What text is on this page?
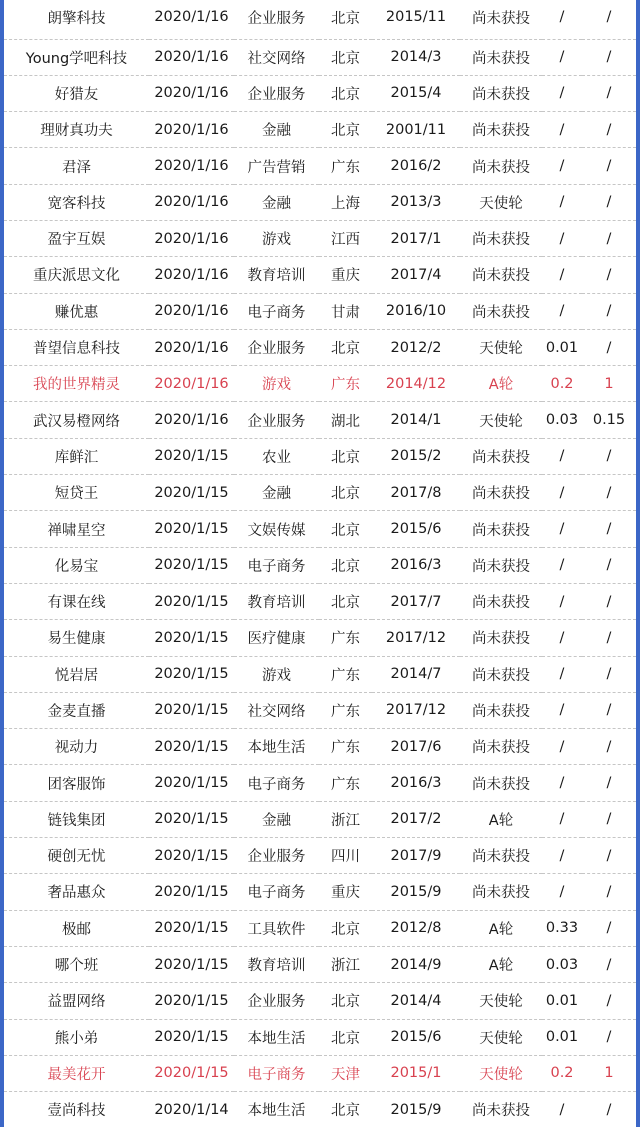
朗擎科技	2020/1/16	企业服务	北京	2015/11	尚未获投	/	/
Young学吧科技	2020/1/16	社交网络	北京	2014/3	尚未获投	/	/
好猎友	2020/1/16	企业服务	北京	2015/4	尚未获投	/	/
理财真功夫	2020/1/16	金融	北京	2001/11	尚未获投	/	/
君泽	2020/1/16	广告营销	广东	2016/2	尚未获投	/	/
宽客科技	2020/1/16	金融	上海	2013/3	天使轮	/	/
盈宇互娱	2020/1/16	游戏	江西	2017/1	尚未获投	/	/
重庆派思文化	2020/1/16	教育培训	重庆	2017/4	尚未获投	/	/
赚优惠	2020/1/16	电子商务	甘肃	2016/10	尚未获投	/	/
普望信息科技	2020/1/16	企业服务	北京	2012/2	天使轮	0.01	/
我的世界精灵	2020/1/16	游戏	广东	2014/12	A轮	0.2	1
武汉易橙网络	2020/1/16	企业服务	湖北	2014/1	天使轮	0.03	0.15
库鲜汇	2020/1/15	农业	北京	2015/2	尚未获投	/	/
短贷王	2020/1/15	金融	北京	2017/8	尚未获投	/	/
禅啸星空	2020/1/15	文娱传媒	北京	2015/6	尚未获投	/	/
化易宝	2020/1/15	电子商务	北京	2016/3	尚未获投	/	/
有课在线	2020/1/15	教育培训	北京	2017/7	尚未获投	/	/
易生健康	2020/1/15	医疗健康	广东	2017/12	尚未获投	/	/
悦岩居	2020/1/15	游戏	广东	2014/7	尚未获投	/	/
金麦直播	2020/1/15	社交网络	广东	2017/12	尚未获投	/	/
视动力	2020/1/15	本地生活	广东	2017/6	尚未获投	/	/
团客服饰	2020/1/15	电子商务	广东	2016/3	尚未获投	/	/
链钱集团	2020/1/15	金融	浙江	2017/2	A轮	/	/
硬创无忧	2020/1/15	企业服务	四川	2017/9	尚未获投	/	/
奢品惠众	2020/1/15	电子商务	重庆	2015/9	尚未获投	/	/
极邮	2020/1/15	工具软件	北京	2012/8	A轮	0.33	/
哪个班	2020/1/15	教育培训	浙江	2014/9	A轮	0.03	/
益盟网络	2020/1/15	企业服务	北京	2014/4	天使轮	0.01	/
熊小弟	2020/1/15	本地生活	北京	2015/6	天使轮	0.01	/
最美花开	2020/1/15	电子商务	天津	2015/1	天使轮	0.2	1
壹尚科技	2020/1/14	本地生活	北京	2015/9	尚未获投	/	/
